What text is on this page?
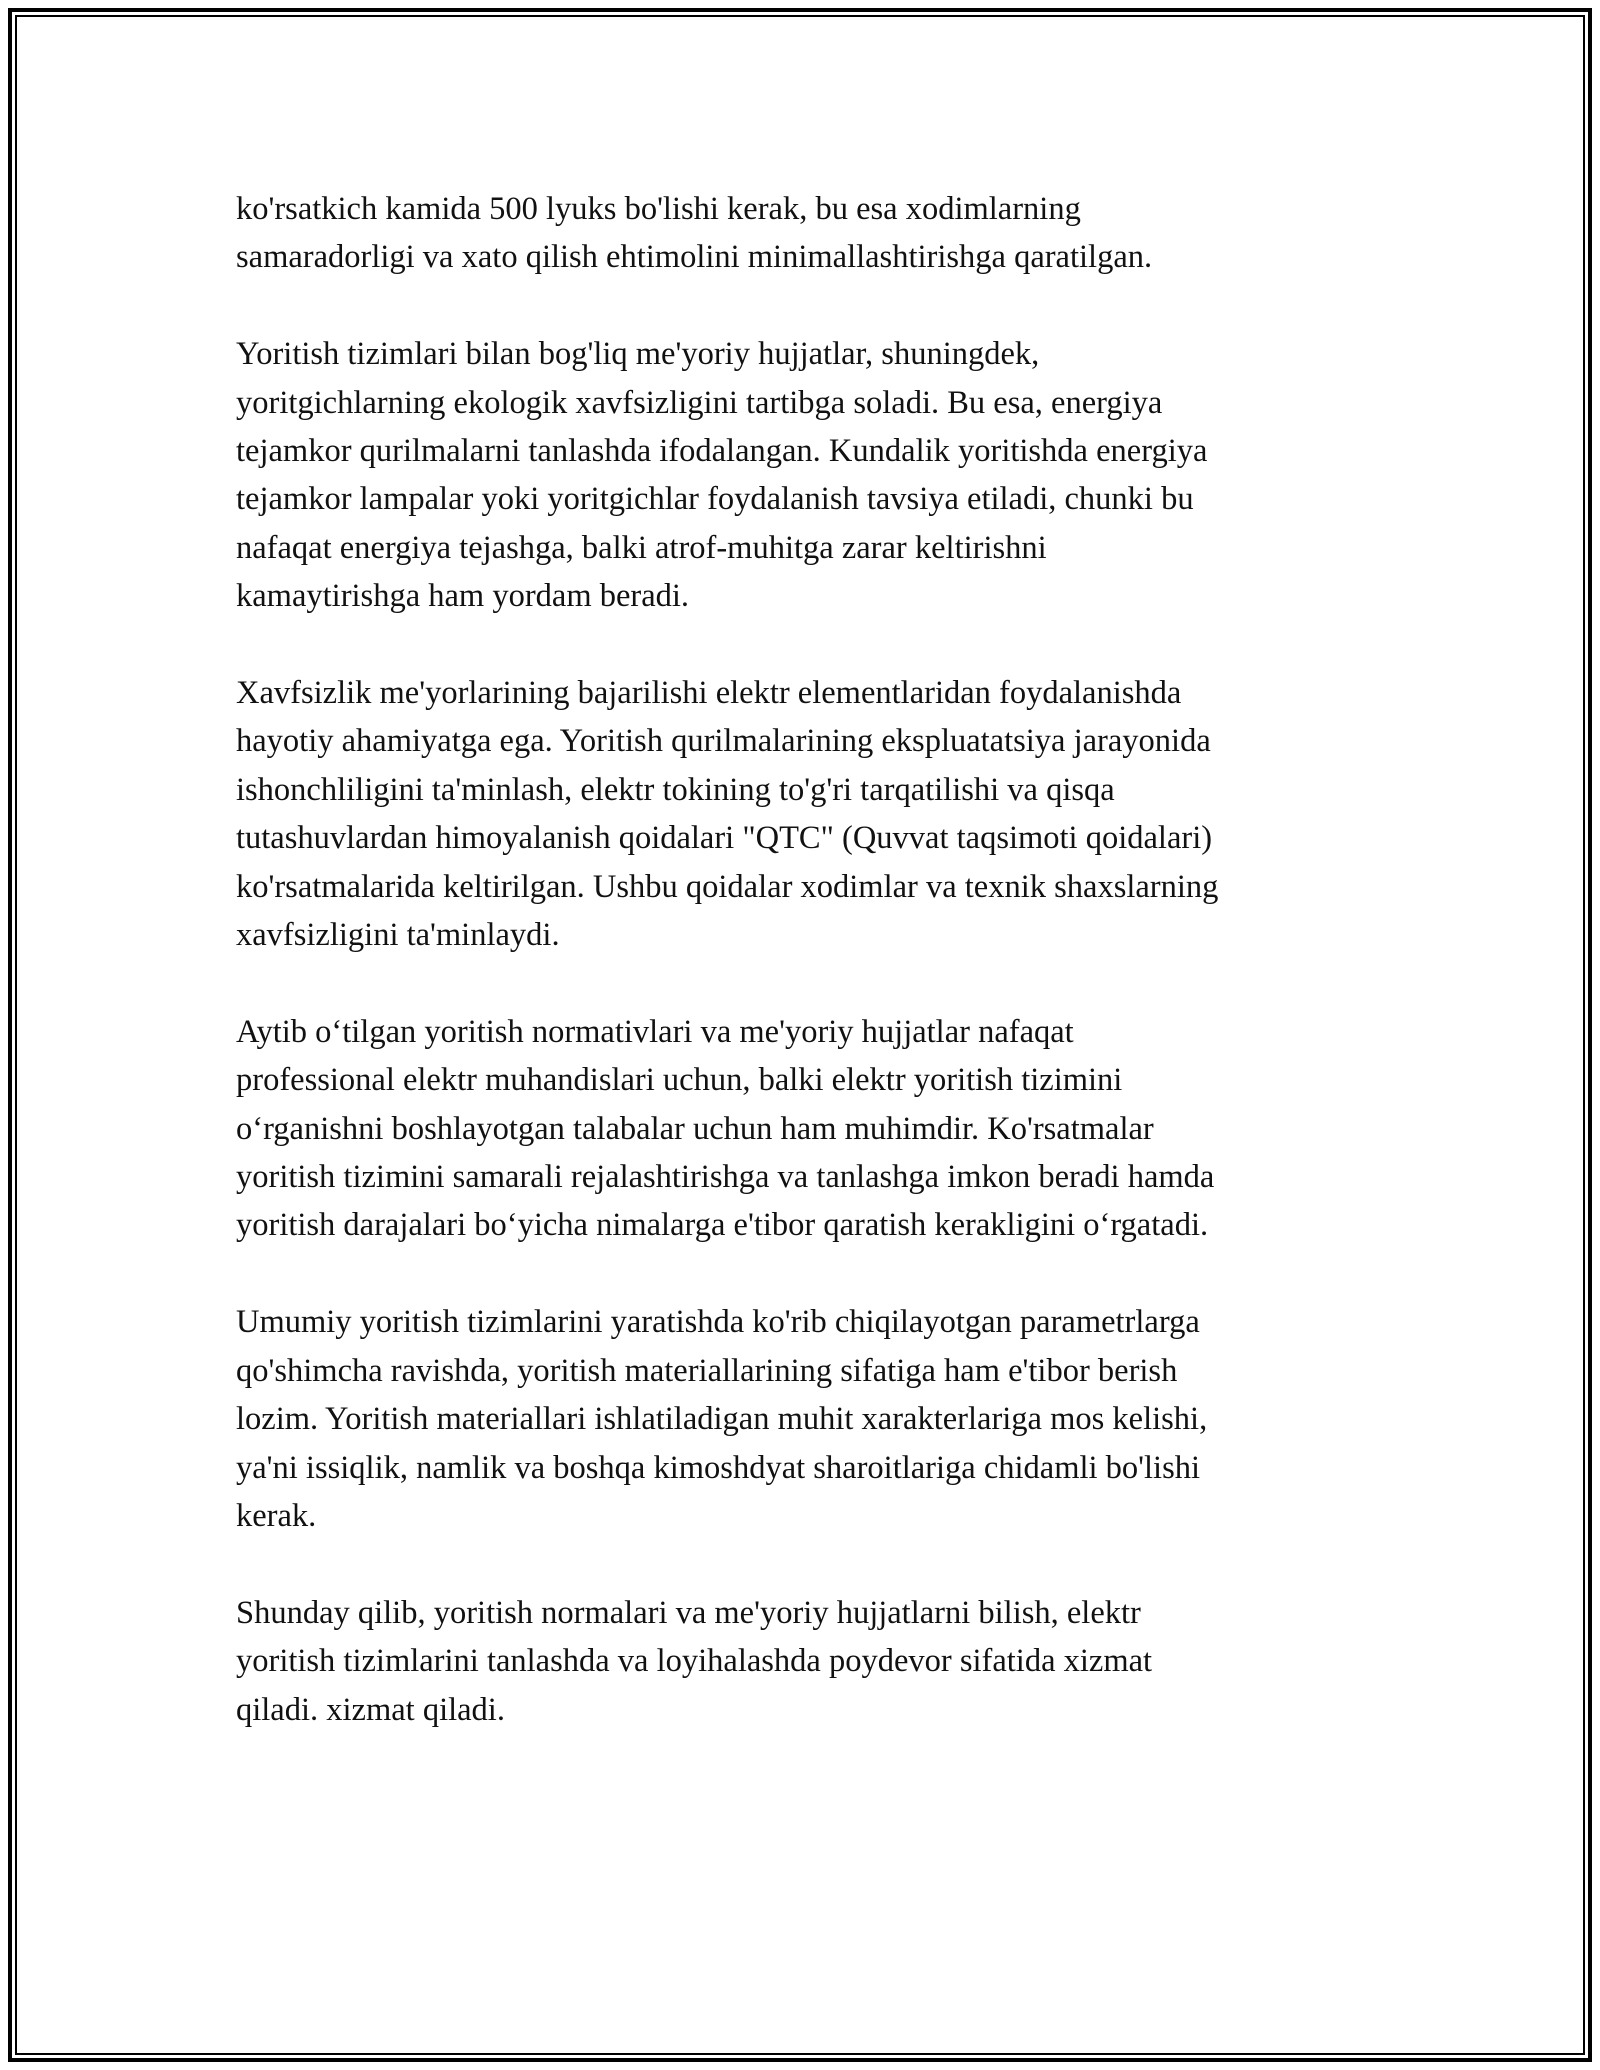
ko'rsatkich kamida 500 lyuks bo'lishi kerak, bu esa xodimlarning
samaradorligi va xato qilish ehtimolini minimallashtirishga qaratilgan.

Yoritish tizimlari bilan bog'liq me'yoriy hujjatlar, shuningdek,
yoritgichlarning ekologik xavfsizligini tartibga soladi. Bu esa, energiya
tejamkor qurilmalarni tanlashda ifodalangan. Kundalik yoritishda energiya
tejamkor lampalar yoki yoritgichlar foydalanish tavsiya etiladi, chunki bu
nafaqat energiya tejashga, balki atrof-muhitga zarar keltirishni
kamaytirishga ham yordam beradi.

Xavfsizlik me'yorlarining bajarilishi elektr elementlaridan foydalanishda
hayotiy ahamiyatga ega. Yoritish qurilmalarining ekspluatatsiya jarayonida
ishonchliligini ta'minlash, elektr tokining to'g'ri tarqatilishi va qisqa
tutashuvlardan himoyalanish qoidalari "QTC" (Quvvat taqsimoti qoidalari)
ko'rsatmalarida keltirilgan. Ushbu qoidalar xodimlar va texnik shaxslarning
xavfsizligini ta'minlaydi.

Aytib o‘tilgan yoritish normativlari va me'yoriy hujjatlar nafaqat
professional elektr muhandislari uchun, balki elektr yoritish tizimini
o‘rganishni boshlayotgan talabalar uchun ham muhimdir. Ko'rsatmalar
yoritish tizimini samarali rejalashtirishga va tanlashga imkon beradi hamda
yoritish darajalari bo‘yicha nimalarga e'tibor qaratish kerakligini o‘rgatadi.

Umumiy yoritish tizimlarini yaratishda ko'rib chiqilayotgan parametrlarga
qo'shimcha ravishda, yoritish materiallarining sifatiga ham e'tibor berish
lozim. Yoritish materiallari ishlatiladigan muhit xarakterlariga mos kelishi,
ya'ni issiqlik, namlik va boshqa kimoshdyat sharoitlariga chidamli bo'lishi
kerak.

Shunday qilib, yoritish normalari va me'yoriy hujjatlarni bilish, elektr
yoritish tizimlarini tanlashda va loyihalashda poydevor sifatida xizmat
qiladi. xizmat qiladi.
